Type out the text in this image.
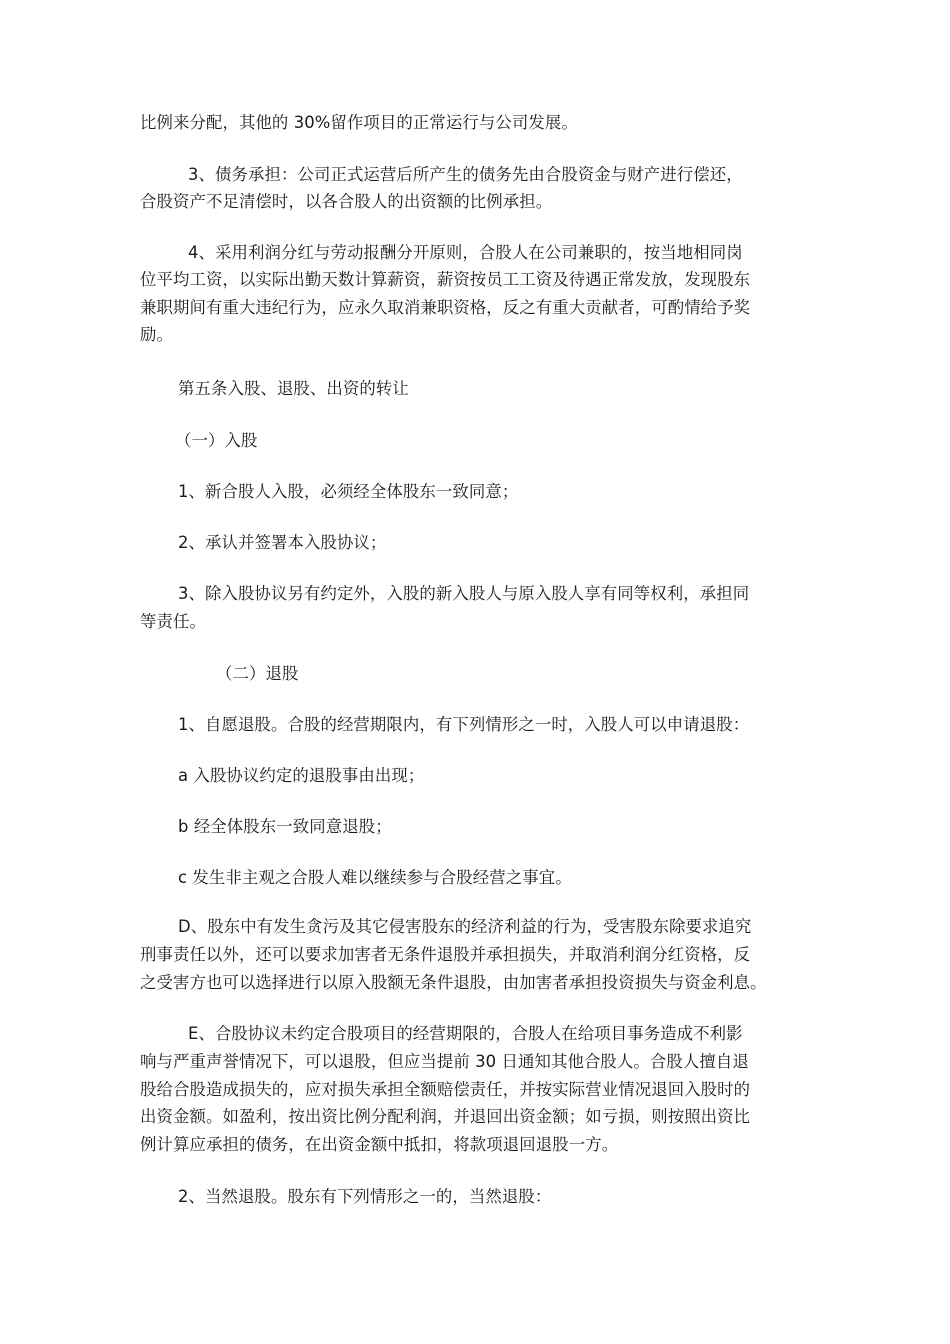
比例来分配，其他的 30%留作项目的正常运行与公司发展。
3、债务承担：公司正式运营后所产生的债务先由合股资金与财产进行偿还，
合股资产不足清偿时，以各合股人的出资额的比例承担。
4、采用利润分红与劳动报酬分开原则，合股人在公司兼职的，按当地相同岗
位平均工资，以实际出勤天数计算薪资，薪资按员工工资及待遇正常发放，发现股东
兼职期间有重大违纪行为，应永久取消兼职资格，反之有重大贡献者，可酌情给予奖
励。
第五条入股、退股、出资的转让
（一）入股
1、新合股人入股，必须经全体股东一致同意；
2、承认并签署本入股协议；
3、除入股协议另有约定外，入股的新入股人与原入股人享有同等权利，承担同
等责任。
（二）退股
1、自愿退股。合股的经营期限内，有下列情形之一时，入股人可以申请退股：
a 入股协议约定的退股事由出现；
b 经全体股东一致同意退股；
c 发生非主观之合股人难以继续参与合股经营之事宜。
D、股东中有发生贪污及其它侵害股东的经济利益的行为，受害股东除要求追究
刑事责任以外，还可以要求加害者无条件退股并承担损失，并取消利润分红资格，反
之受害方也可以选择进行以原入股额无条件退股，由加害者承担投资损失与资金利息。
E、合股协议未约定合股项目的经营期限的，合股人在给项目事务造成不利影
响与严重声誉情况下，可以退股，但应当提前 30 日通知其他合股人。合股人擅自退
股给合股造成损失的，应对损失承担全额赔偿责任，并按实际营业情况退回入股时的
出资金额。如盈利，按出资比例分配利润，并退回出资金额；如亏损，则按照出资比
例计算应承担的债务，在出资金额中抵扣，将款项退回退股一方。
2、当然退股。股东有下列情形之一的，当然退股：
